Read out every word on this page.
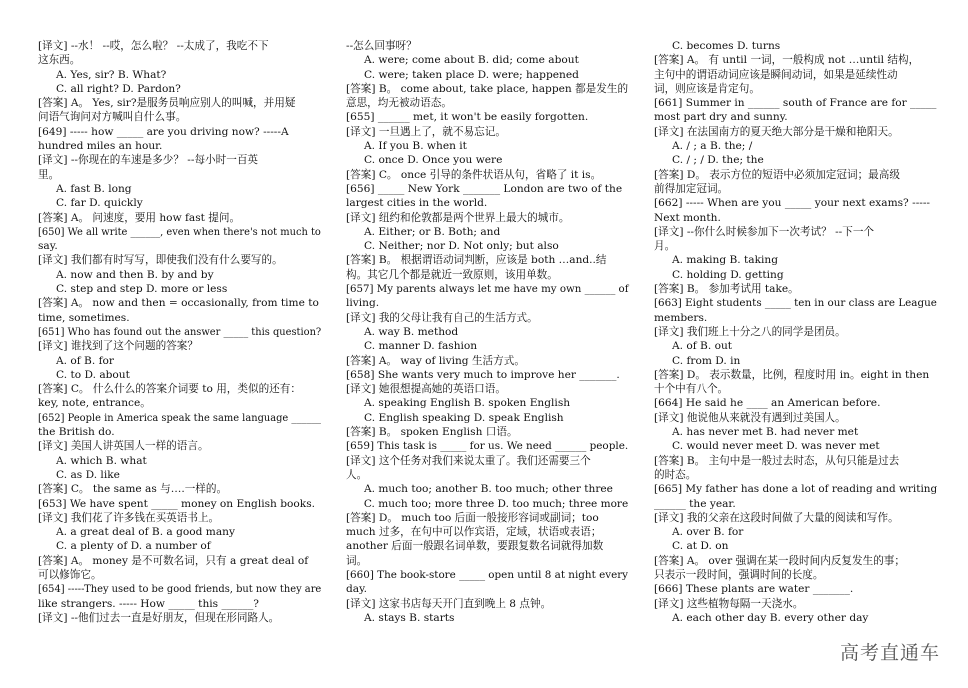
[译文] --水！ --哎，怎么啦？ --太成了，我吃不下
这东西。
A. Yes, sir? B. What?
C. all right? D. Pardon?
[答案] A。 Yes, sir?是服务员响应别人的叫喊，并用疑
问语气询问对方喊叫自什么事。
[649] ----- how _____ are you driving now? -----A
hundred miles an hour.
[译文] --你现在的车速是多少？ --每小时一百英
里。
A. fast B. long
C. far D. quickly
[答案] A。 问速度，要用 how fast 提问。
[650] We all write ______, even when there's not much to
say.
[译文] 我们都有时写写，即使我们没有什么要写的。
A. now and then B. by and by
C. step and step D. more or less
[答案] A。 now and then = occasionally, from time to
time, sometimes.
[651] Who has found out the answer _____ this question?
[译文] 谁找到了这个问题的答案？
A. of B. for
C. to D. about
[答案] C。 什么什么的答案介词要 to 用，类似的还有：
key, note, entrance。
[652] People in America speak the same language ______
the British do.
[译文] 美国人讲英国人一样的语言。
A. which B. what
C. as D. like
[答案] C。 the same as 与….一样的。
[653] We have spent _____ money on English books.
[译文] 我们花了许多钱在买英语书上。
A. a great deal of B. a good many
C. a plenty of D. a number of
[答案] A。 money 是不可数名词，只有 a great deal of
可以修饰它。
[654] -----They used to be good friends, but now they are
like strangers. ----- How _____ this ______?
[译文] --他们过去一直是好朋友，但现在形同路人。
--怎么回事呀？
A. were; come about B. did; come about
C. were; taken place D. were; happened
[答案] B。 come about, take place, happen 都是发生的
意思，均无被动语态。
[655] ______ met, it won't be easily forgotten.
[译文] 一旦遇上了，就不易忘记。
A. If you B. when it
C. once D. Once you were
[答案] C。 once 引导的条件状语从句，省略了 it is。
[656] _____ New York _______ London are two of the
largest cities in the world.
[译文] 纽约和伦敦都是两个世界上最大的城市。
A. Either; or B. Both; and
C. Neither; nor D. Not only; but also
[答案] B。 根据谓语动词判断，应该是 both …and..结
构。其它几个都是就近一致原则，该用单数。
[657] My parents always let me have my own ______ of
living.
[译文] 我的父母让我有自己的生活方式。
A. way B. method
C. manner D. fashion
[答案] A。 way of living 生活方式。
[658] She wants very much to improve her _______.
[译文] 她很想提高她的英语口语。
A. speaking English B. spoken English
C. English speaking D. speak English
[答案] B。 spoken English 口语。
[659] This task is _____ for us. We need ______ people.
[译文] 这个任务对我们来说太重了。我们还需要三个
人。
A. much too; another B. too much; other three
C. much too; more three D. too much; three more
[答案] D。 much too 后面一般接形容词或副词；too
much 过多，在句中可以作宾语，定域，状语或表语；
another 后面一般跟名词单数，要跟复数名词就得加数
词。
[660] The book-store _____ open until 8 at night every
day.
[译文] 这家书店每天开门直到晚上 8 点钟。
A. stays B. starts
C. becomes D. turns
[答案] A。 有 until 一词，一般构成 not …until 结构，
主句中的谓语动词应该是瞬间动词，如果是延续性动
词，则应该是肯定句。
[661] Summer in ______ south of France are for _____
most part dry and sunny.
[译文] 在法国南方的夏天绝大部分是干燥和艳阳天。
A. / ; a B. the; /
C. / ; / D. the; the
[答案] D。 表示方位的短语中必须加定冠词；最高级
前得加定冠词。
[662] ----- When are you _____ your next exams? -----
Next month.
[译文] --你什么时候参加下一次考试？ --下一个
月。
A. making B. taking
C. holding D. getting
[答案] B。 参加考试用 take。
[663] Eight students _____ ten in our class are League
members.
[译文] 我们班上十分之八的同学是团员。
A. of B. out
C. from D. in
[答案] D。 表示数量，比例，程度时用 in。eight in then
十个中有八个。
[664] He said he ____ an American before.
[译文] 他说他从来就没有遇到过美国人。
A. has never met B. had never met
C. would never meet D. was never met
[答案] B。 主句中是一般过去时态，从句只能是过去
的时态。
[665] My father has done a lot of reading and writing
______ the year.
[译文] 我的父亲在这段时间做了大量的阅读和写作。
A. over B. for
C. at D. on
[答案] A。 over 强调在某一段时间内反复发生的事；
只表示一段时间，强调时间的长度。
[666] These plants are water _______.
[译文] 这些植物每隔一天浇水。
A. each other day B. every other day
高考直通车
